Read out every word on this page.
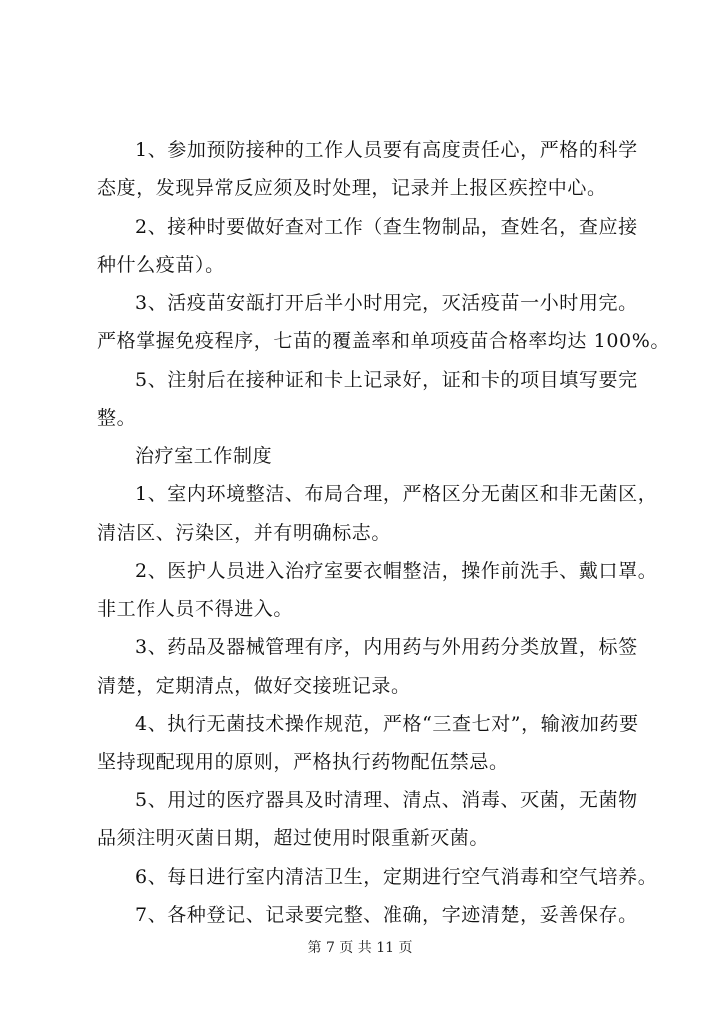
1、参加预防接种的工作人员要有高度责任心，严格的科学
态度，发现异常反应须及时处理，记录并上报区疾控中心。
2、接种时要做好查对工作（查生物制品，查姓名，查应接
种什么疫苗）。
3、活疫苗安瓿打开后半小时用完，灭活疫苗一小时用完。
严格掌握免疫程序，七苗的覆盖率和单项疫苗合格率均达 100%。
5、注射后在接种证和卡上记录好，证和卡的项目填写要完
整。
治疗室工作制度
1、室内环境整洁、布局合理，严格区分无菌区和非无菌区，
清洁区、污染区，并有明确标志。
2、医护人员进入治疗室要衣帽整洁，操作前洗手、戴口罩。
非工作人员不得进入。
3、药品及器械管理有序，内用药与外用药分类放置，标签
清楚，定期清点，做好交接班记录。
4、执行无菌技术操作规范，严格“三查七对”，输液加药要
坚持现配现用的原则，严格执行药物配伍禁忌。
5、用过的医疗器具及时清理、清点、消毒、灭菌，无菌物
品须注明灭菌日期，超过使用时限重新灭菌。
6、每日进行室内清洁卫生，定期进行空气消毒和空气培养。
7、各种登记、记录要完整、准确，字迹清楚，妥善保存。
第 7 页 共 11 页
